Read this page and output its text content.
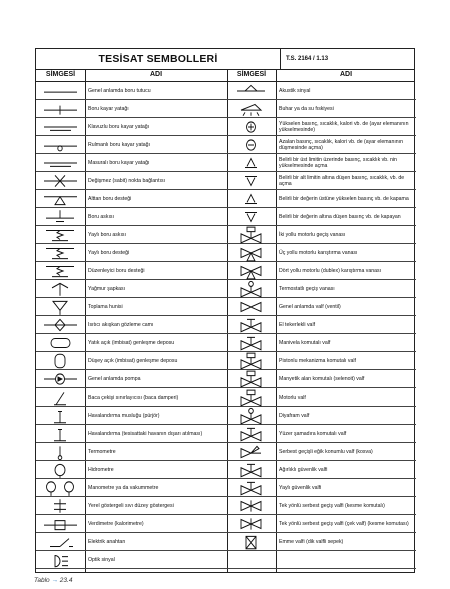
TESİSAT SEMBOLLERİ	T.S. 2164 / 1.13
SİMGESİ	ADI	SİMGESİ	ADI
Genel anlamda boru tutucu	Akustik sinyal
Boru kayar yatağı	Buhar ya da su fıskiyesi
Klavuzlu boru kayar yatağı	Yükselen basınç, sıcaklık, kalori vb. de (ayar elemanının yükselmesinde)
Rulmanlı boru kayar yatağı	Azalan basınç, sıcaklık, kalori vb. de (ayar elemanının düşmesinde açma)
Masuralı boru kayar yatağı	Belirli bir üst limitin üzerinde basınç, sıcaklık vb. nin yükselmesinde açma
Değişmez (sabit) nokta bağlantısı	Belirli bir alt limitin altına düşen basınç, sıcaklık, vb. de açma
Alttan boru desteği	Belirli bir değerin üstüne yükselen basınç vb. de kapama
Boru askısı	Belirli bir değerin altına düşen basınç vb. de kapayan
Yaylı boru askısı	İki yollu motorlu geçiş vanası
Yaylı boru desteği	Üç yollu motorlu karıştırma vanası
Düzenleyici boru desteği	Dört yollu motorlu (dublex) karıştırma vanası
Yağmur şapkası	Termostatlı geçiş vanası
Toplama hunisi	Genel anlamda valf (ventil)
Isıtıcı akışkan gözleme camı	El tekerlekli valf
Yatık açık (imbisat) genleşme deposu	Manivela komutalı valf
Düşey açık (imbisat) genleşme deposu	Pistonlu mekanizma komutalı valf
Genel anlamda pompa	Manyetik alan komutalı (selenoit) valf
Baca çekişi sınırlayıcısı (baca damperi)	Motorlu valf
Havalandırma musluğu (pürjör)	Diyafram valf
Havalandırma (tesisattaki havanın dışarı atılması)	Yüzer şamadıra komutalı valf
Termometre	Serbest geçişli eğik konumlu valf (kosva)
Hidrometre	Ağırlıklı güvenlik valfi
Manometre ya da vakummetre	Yaylı güvenlik valfi
Yerel göstergeli sıvı düzey göstergesi	Tek yönlü serbest geçiş valfi (kesme komutalı)
Verdimetre (kalorimetre)	Tek yönlü serbest geçiş valfi (çek valf) (kesme komutası)
Elektrik anahtarı	Emme valfi (dik valfli sepek)
Optik sinyal
Tablo → 23.4
